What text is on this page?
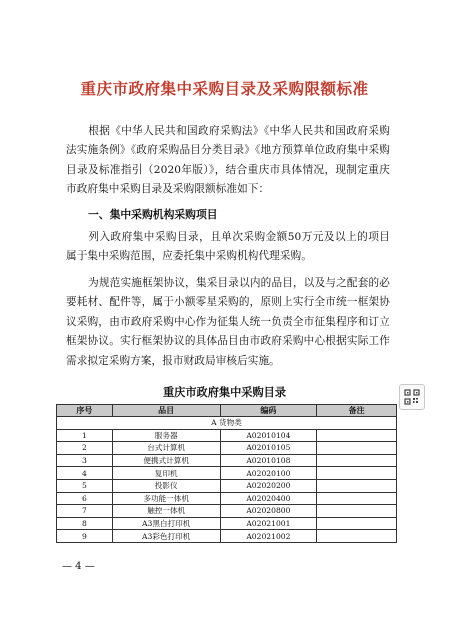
重庆市政府集中采购目录及采购限额标准

根据《中华人民共和国政府采购法》《中华人民共和国政府采购法实施条例》《政府采购品目分类目录》《地方预算单位政府集中采购目录及标准指引（2020年版）》，结合重庆市具体情况，现制定重庆市政府集中采购目录及采购限额标准如下：

一、集中采购机构采购项目

列入政府集中采购目录，且单次采购金额50万元及以上的项目属于集中采购范围，应委托集中采购机构代理采购。

为规范实施框架协议，集采目录以内的品目，以及与之配套的必要耗材、配件等，属于小额零星采购的，原则上实行全市统一框架协议采购，由市政府采购中心作为征集人统一负责全市征集程序和订立框架协议。实行框架协议的具体品目由市政府采购中心根据实际工作需求拟定采购方案，报市财政局审核后实施。

重庆市政府集中采购目录
序号	品目	编码	备注
A 货物类			
1	服务器	A02010104	
2	台式计算机	A02010105	
3	便携式计算机	A02010108	
4	复印机	A02020100	
5	投影仪	A02020200	
6	多功能一体机	A02020400	
7	触控一体机	A02020800	
8	A3黑白打印机	A02021001	
9	A3彩色打印机	A02021002	
— 4 —
